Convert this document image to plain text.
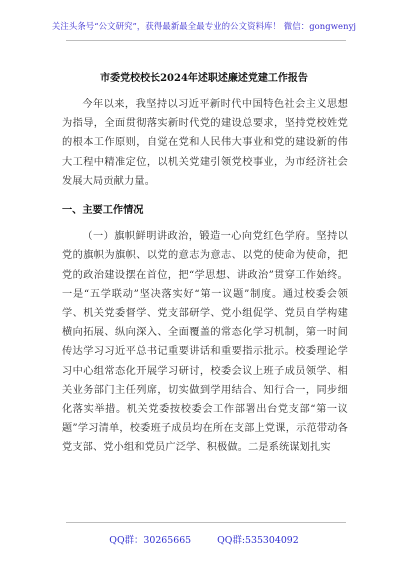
关注头条号“公文研究”，获得最新最全最专业的公文资料库！ 微信：gongwenyj
市委党校校长2024年述职述廉述党建工作报告

今年以来，我坚持以习近平新时代中国特色社会主义思想为指导，全面贯彻落实新时代党的建设总要求，坚持党校姓党的根本工作原则，自觉在党和人民伟大事业和党的建设新的伟大工程中精准定位，以机关党建引领党校事业，为市经济社会发展大局贡献力量。

一、主要工作情况

（一）旗帜鲜明讲政治，锻造一心向党红色学府。坚持以党的旗帜为旗帜、以党的意志为意志、以党的使命为使命，把党的政治建设摆在首位，把“学思想、讲政治”贯穿工作始终。一是“五学联动”坚决落实好“第一议题”制度。通过校委会领学、机关党委督学、党支部研学、党小组促学、党员自学构建横向拓展、纵向深入、全面覆盖的常态化学习机制，第一时间传达学习习近平总书记重要讲话和重要指示批示。校委理论学习中心组常态化开展学习研讨，校委会议上班子成员领学、相关业务部门主任列席，切实做到学用结合、知行合一，同步细化落实举措。机关党委按校委会工作部署出台党支部“第一议题”学习清单，校委班子成员均在所在支部上党课，示范带动各党支部、党小组和党员广泛学、积极做。二是系统谋划扎实

QQ群：30265665	QQ群:535304092
